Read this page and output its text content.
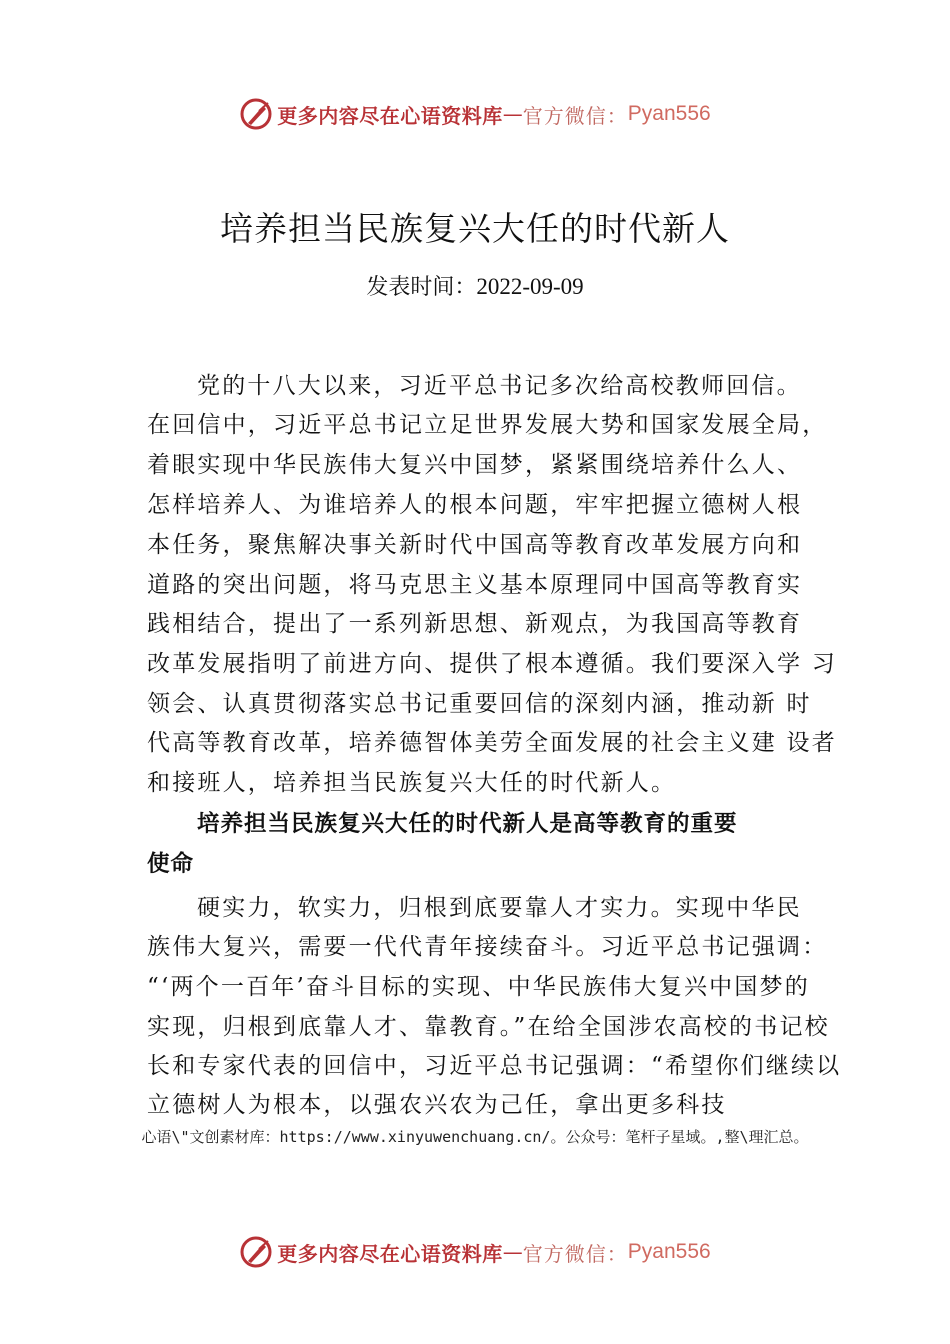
更多内容尽在心语资料库 — 官方微信： Pyan556
培养担当民族复兴大任的时代新人
发表时间：2022-09-09
党的十八大以来，习近平总书记多次给高校教师回信。
在回信中，习近平总书记立足世界发展大势和国家发展全局，
着眼实现中华民族伟大复兴中国梦，紧紧围绕培养什么人、
怎样培养人、为谁培养人的根本问题，牢牢把握立德树人根
本任务，聚焦解决事关新时代中国高等教育改革发展方向和
道路的突出问题，将马克思主义基本原理同中国高等教育实
践相结合，提出了一系列新思想、新观点，为我国高等教育
改革发展指明了前进方向、提供了根本遵循。我们要深入学 习
领会、认真贯彻落实总书记重要回信的深刻内涵，推动新 时
代高等教育改革，培养德智体美劳全面发展的社会主义建 设者
和接班人，培养担当民族复兴大任的时代新人。
培养担当民族复兴大任的时代新人是高等教育的重要
使命
硬实力，软实力，归根到底要靠人才实力。实现中华民
族伟大复兴，需要一代代青年接续奋斗。习近平总书记强调：
“‘两个一百年’奋斗目标的实现、中华民族伟大复兴中国梦的
实现，归根到底靠人才、靠教育。”在给全国涉农高校的书记校
长和专家代表的回信中，习近平总书记强调：“希望你们继续以
立德树人为根本，以强农兴农为己任，拿出更多科技
心语\"文创素材库：https://www.xinyuwenchuang.cn/。公众号：笔杆子星域。,整\理汇总。
更多内容尽在心语资料库 — 官方微信： Pyan556
